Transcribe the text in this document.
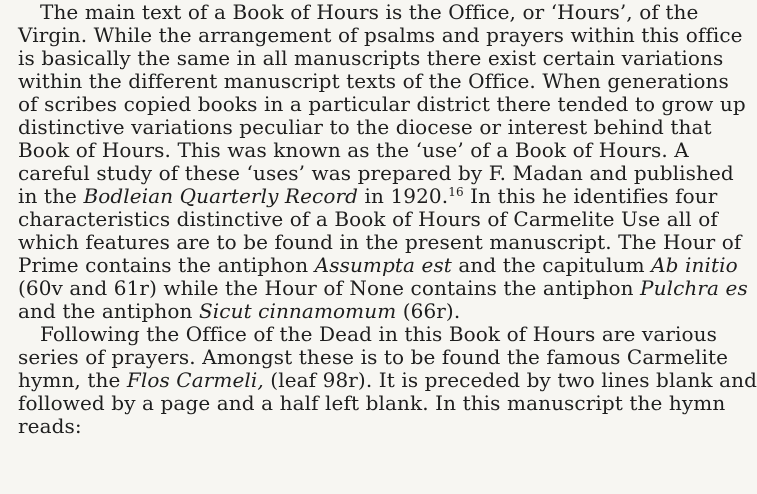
The main text of a Book of Hours is the Office, or ‘Hours’, of the
Virgin. While the arrangement of psalms and prayers within this office
is basically the same in all manuscripts there exist certain variations
within the different manuscript texts of the Office. When generations
of scribes copied books in a particular district there tended to grow up
distinctive variations peculiar to the diocese or interest behind that
Book of Hours. This was known as the ‘use’ of a Book of Hours. A
careful study of these ‘uses’ was prepared by F. Madan and published
in the Bodleian Quarterly Record in 1920.16 In this he identifies four
characteristics distinctive of a Book of Hours of Carmelite Use all of
which features are to be found in the present manuscript. The Hour of
Prime contains the antiphon Assumpta est and the capitulum Ab initio
(60v and 61r) while the Hour of None contains the antiphon Pulchra es
and the antiphon Sicut cinnamomum (66r).

Following the Office of the Dead in this Book of Hours are various
series of prayers. Amongst these is to be found the famous Carmelite
hymn, the Flos Carmeli, (leaf 98r). It is preceded by two lines blank and
followed by a page and a half left blank. In this manuscript the hymn
reads:
